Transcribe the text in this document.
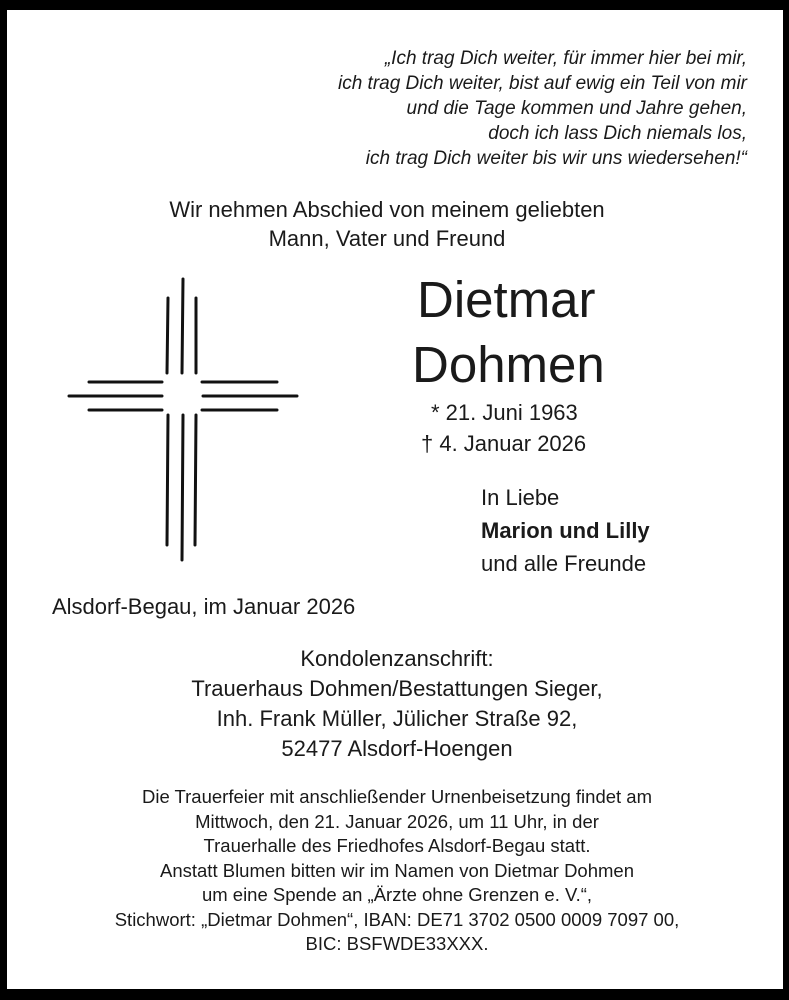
„Ich trag Dich weiter, für immer hier bei mir,
ich trag Dich weiter, bist auf ewig ein Teil von mir
und die Tage kommen und Jahre gehen,
doch ich lass Dich niemals los,
ich trag Dich weiter bis wir uns wiedersehen!“
Wir nehmen Abschied von meinem geliebten
Mann, Vater und Freund
Dietmar
Dohmen
* 21. Juni 1963
† 4. Januar 2026
In Liebe
Marion und Lilly
und alle Freunde
Alsdorf-Begau, im Januar 2026
Kondolenzanschrift:
Trauerhaus Dohmen/Bestattungen Sieger,
Inh. Frank Müller, Jülicher Straße 92,
52477 Alsdorf-Hoengen
Die Trauerfeier mit anschließender Urnenbeisetzung findet am
Mittwoch, den 21. Januar 2026, um 11 Uhr, in der
Trauerhalle des Friedhofes Alsdorf-Begau statt.
Anstatt Blumen bitten wir im Namen von Dietmar Dohmen
um eine Spende an „Ärzte ohne Grenzen e. V.“,
Stichwort: „Dietmar Dohmen“, IBAN: DE71 3702 0500 0009 7097 00,
BIC: BSFWDE33XXX.
